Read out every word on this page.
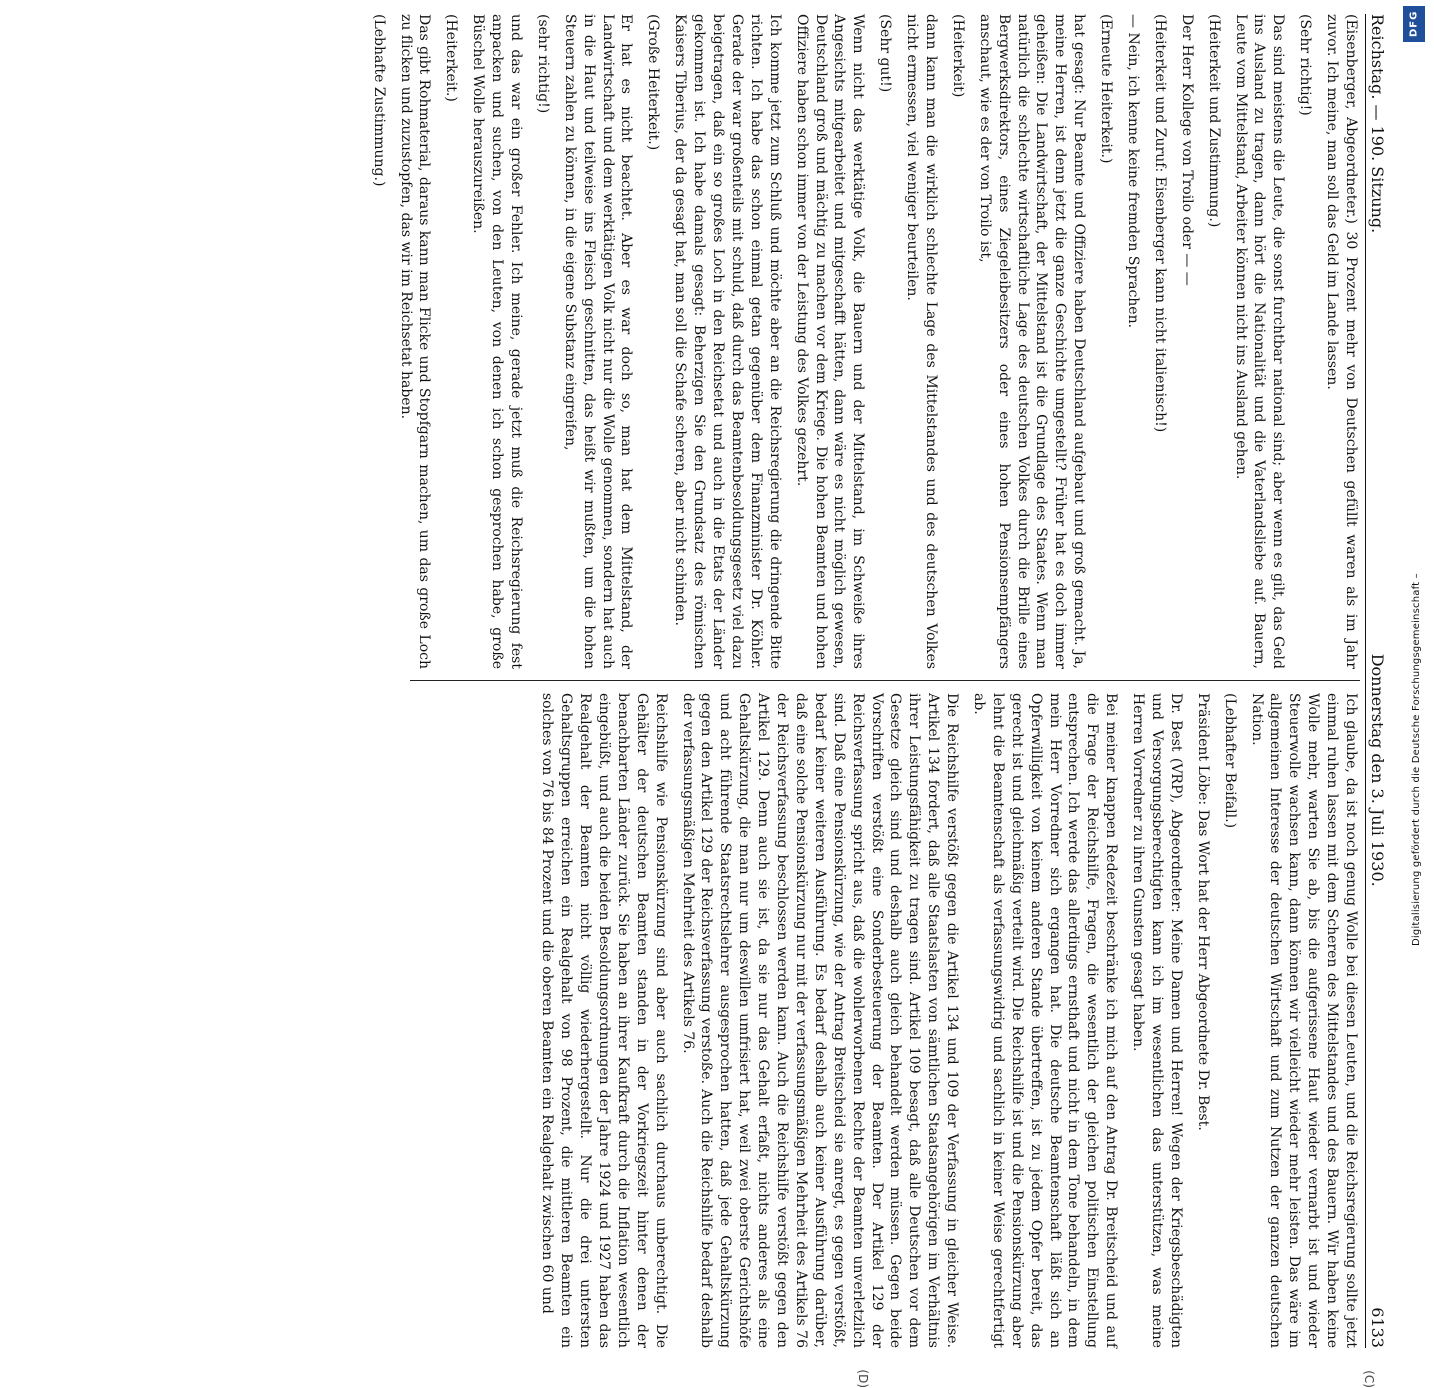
Reichstag. — 190. Sitzung.
Donnerstag den 3. Juli 1930.
6133
(C)
(D)

(Eisenberger, Abgeordneter.) 30 Prozent mehr von Deutschen gefüllt waren als im Jahr zuvor. Ich meine, man soll das Geld im Lande lassen.

(Sehr richtig!)

Das sind meistens die Leute, die sonst furchtbar national sind; aber wenn es gilt, das Geld ins Ausland zu tragen, dann hört die Nationalität und die Vaterlandsliebe auf. Bauern, Leute vom Mittelstand, Arbeiter können nicht ins Ausland gehen.

(Heiterkeit und Zustimmung.)

Der Herr Kollege von Troilo oder — —

(Heiterkeit und Zuruf: Eisenberger kann nicht italienisch!)

— Nein, ich kenne keine fremden Sprachen.

(Erneute Heiterkeit.)

hat gesagt: Nur Beamte und Offiziere haben Deutschland aufgebaut und groß gemacht. Ja, meine Herren, ist denn jetzt die ganze Geschichte umgestellt? Früher hat es doch immer geheißen: Die Landwirtschaft, der Mittelstand ist die Grundlage des Staates. Wenn man natürlich die schlechte wirtschaftliche Lage des deutschen Volkes durch die Brille eines Bergwerksdirektors, eines Ziegeleibesitzers oder eines hohen Pensionsempfängers anschaut, wie es der von Troilo ist,

(Heiterkeit)

dann kann man die wirklich schlechte Lage des Mittelstandes und des deutschen Volkes nicht ermessen, viel weniger beurteilen.

(Sehr gut!)

Wenn nicht das werktätige Volk, die Bauern und der Mittelstand, im Schweiße ihres Angesichts mitgearbeitet und mitgeschafft hätten, dann wäre es nicht möglich gewesen, Deutschland groß und mächtig zu machen vor dem Kriege. Die hohen Beamten und hohen Offiziere haben schon immer von der Leistung des Volkes gezehrt.

Ich komme jetzt zum Schluß und möchte aber an die Reichsregierung die dringende Bitte richten. Ich habe das schon einmal getan gegenüber dem Finanzminister Dr. Köhler. Gerade der war großenteils mit schuld, daß durch das Beamtenbesoldungsgesetz viel dazu beigetragen, daß ein so großes Loch in den Reichsetat und auch in die Etats der Länder gekommen ist. Ich habe damals gesagt: Beherzigen Sie den Grundsatz des römischen Kaisers Tiberius, der da gesagt hat, man soll die Schafe scheren, aber nicht schinden.

(Große Heiterkeit.)

Er hat es nicht beachtet. Aber es war doch so, man hat dem Mittelstand, der Landwirtschaft und dem werktätigen Volk nicht nur die Wolle genommen, sondern hat auch in die Haut und teilweise ins Fleisch geschnitten, das heißt wir mußten, um die hohen Steuern zahlen zu können, in die eigene Substanz eingreifen,

(sehr richtig!)

und das war ein großer Fehler. Ich meine, gerade jetzt muß die Reichsregierung fest anpacken und suchen, von den Leuten, von denen ich schon gesprochen habe, große Büschel Wolle herauszureißen.

(Heiterkeit.)

Das gibt Rohmaterial, daraus kann man Flicke und Stopfgarn machen, um das große Loch zu flicken und zuzustopfen, das wir im Reichsetat haben.

(Lebhafte Zustimmung.)

Ich glaube, da ist noch genug Wolle bei diesen Leuten, und die Reichsregierung sollte jetzt einmal ruhen lassen mit dem Scheren des Mittelstandes und des Bauern. Wir haben keine Wolle mehr, warten Sie ab, bis die aufgerissene Haut wieder vernarbt ist und wieder Steuerwolle wachsen kann, dann können wir vielleicht wieder mehr leisten. Das wäre im allgemeinen Interesse der deutschen Wirtschaft und zum Nutzen der ganzen deutschen Nation.

(Lebhafter Beifall.)

Präsident Löbe: Das Wort hat der Herr Abgeordnete Dr. Best.

Dr. Best (VRP), Abgeordneter: Meine Damen und Herren! Wegen der Kriegsbeschädigten und Versorgungsberechtigten kann ich im wesentlichen das unterstützen, was meine Herren Vorredner zu ihren Gunsten gesagt haben.

Bei meiner knappen Redezeit beschränke ich mich auf den Antrag Dr. Breitscheid und auf die Frage der Reichshilfe, Fragen, die wesentlich der gleichen politischen Einstellung entsprechen. Ich werde das allerdings ernsthaft und nicht in dem Tone behandeln, in dem mein Herr Vorredner sich ergangen hat. Die deutsche Beamtenschaft läßt sich an Opferwilligkeit von keinem anderen Stande übertreffen, ist zu jedem Opfer bereit, das gerecht ist und gleichmäßig verteilt wird. Die Reichshilfe ist und die Pensionskürzung aber lehnt die Beamtenschaft als verfassungswidrig und sachlich in keiner Weise gerechtfertigt ab.

Die Reichshilfe verstößt gegen die Artikel 134 und 109 der Verfassung in gleicher Weise. Artikel 134 fordert, daß alle Staatslasten von sämtlichen Staatsangehörigen im Verhältnis ihrer Leistungsfähigkeit zu tragen sind. Artikel 109 besagt, daß alle Deutschen vor dem Gesetze gleich sind und deshalb auch gleich behandelt werden müssen. Gegen beide Vorschriften verstößt eine Sonderbesteuerung der Beamten. Der Artikel 129 der Reichsverfassung spricht aus, daß die wohlerworbenen Rechte der Beamten unverletzlich sind. Daß eine Pensionskürzung, wie der Antrag Breitscheid sie anregt, es gegen verstößt, bedarf keiner weiteren Ausführung. Es bedarf deshalb auch keiner Ausführung darüber, daß eine solche Pensionskürzung nur mit der verfassungsmäßigen Mehrheit des Artikels 76 der Reichsverfassung beschlossen werden kann. Auch die Reichshilfe verstößt gegen den Artikel 129. Denn auch sie ist, da sie nur das Gehalt erfaßt, nichts anderes als eine Gehaltskürzung, die man nur um deswillen umfrisiert hat, weil zwei oberste Gerichtshöfe und acht führende Staatsrechtslehrer ausgesprochen hatten, daß jede Gehaltskürzung gegen den Artikel 129 der Reichsverfassung verstoße. Auch die Reichshilfe bedarf deshalb der verfassungsmäßigen Mehrheit des Artikels 76.

Reichshilfe wie Pensionskürzung sind aber auch sachlich durchaus unberechtigt. Die Gehälter der deutschen Beamten standen in der Vorkriegszeit hinter denen der benachbarten Länder zurück. Sie haben an ihrer Kaufkraft durch die Inflation wesentlich eingebüßt, und auch die beiden Besoldungsordnungen der Jahre 1924 und 1927 haben das Realgehalt der Beamten nicht völlig wiederhergestellt. Nur die drei untersten Gehaltsgruppen erreichen ein Realgehalt von 98 Prozent, die mittleren Beamten ein solches von 76 bis 84 Prozent und die oberen Beamten ein Realgehalt zwischen 60 und

DFG
Digitalisierung gefördert durch die Deutsche Forschungsgemeinschaft –
